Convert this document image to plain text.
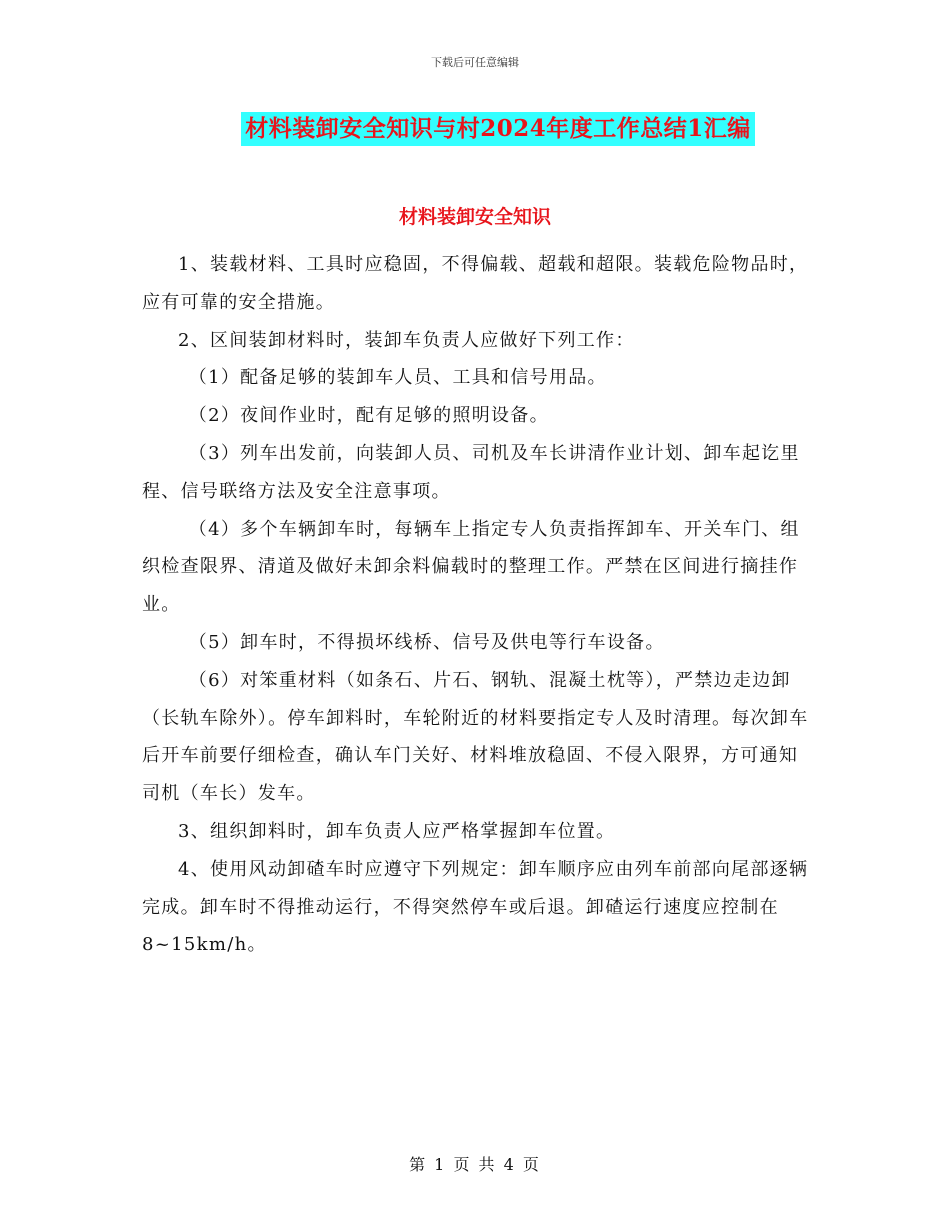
下载后可任意编辑
材料装卸安全知识与村2024年度工作总结1汇编
材料装卸安全知识

1、装载材料、工具时应稳固，不得偏载、超载和超限。装载危险物品时，应有可靠的安全措施。

2、区间装卸材料时，装卸车负责人应做好下列工作：

（1）配备足够的装卸车人员、工具和信号用品。

（2）夜间作业时，配有足够的照明设备。

（3）列车出发前，向装卸人员、司机及车长讲清作业计划、卸车起讫里程、信号联络方法及安全注意事项。

（4）多个车辆卸车时，每辆车上指定专人负责指挥卸车、开关车门、组织检查限界、清道及做好未卸余料偏载时的整理工作。严禁在区间进行摘挂作业。

（5）卸车时，不得损坏线桥、信号及供电等行车设备。

（6）对笨重材料（如条石、片石、钢轨、混凝土枕等），严禁边走边卸（长轨车除外）。停车卸料时，车轮附近的材料要指定专人及时清理。每次卸车后开车前要仔细检查，确认车门关好、材料堆放稳固、不侵入限界，方可通知司机（车长）发车。

3、组织卸料时，卸车负责人应严格掌握卸车位置。

4、使用风动卸碴车时应遵守下列规定：卸车顺序应由列车前部向尾部逐辆完成。卸车时不得推动运行，不得突然停车或后退。卸碴运行速度应控制在8~15km/h。

第 1 页 共 4 页
